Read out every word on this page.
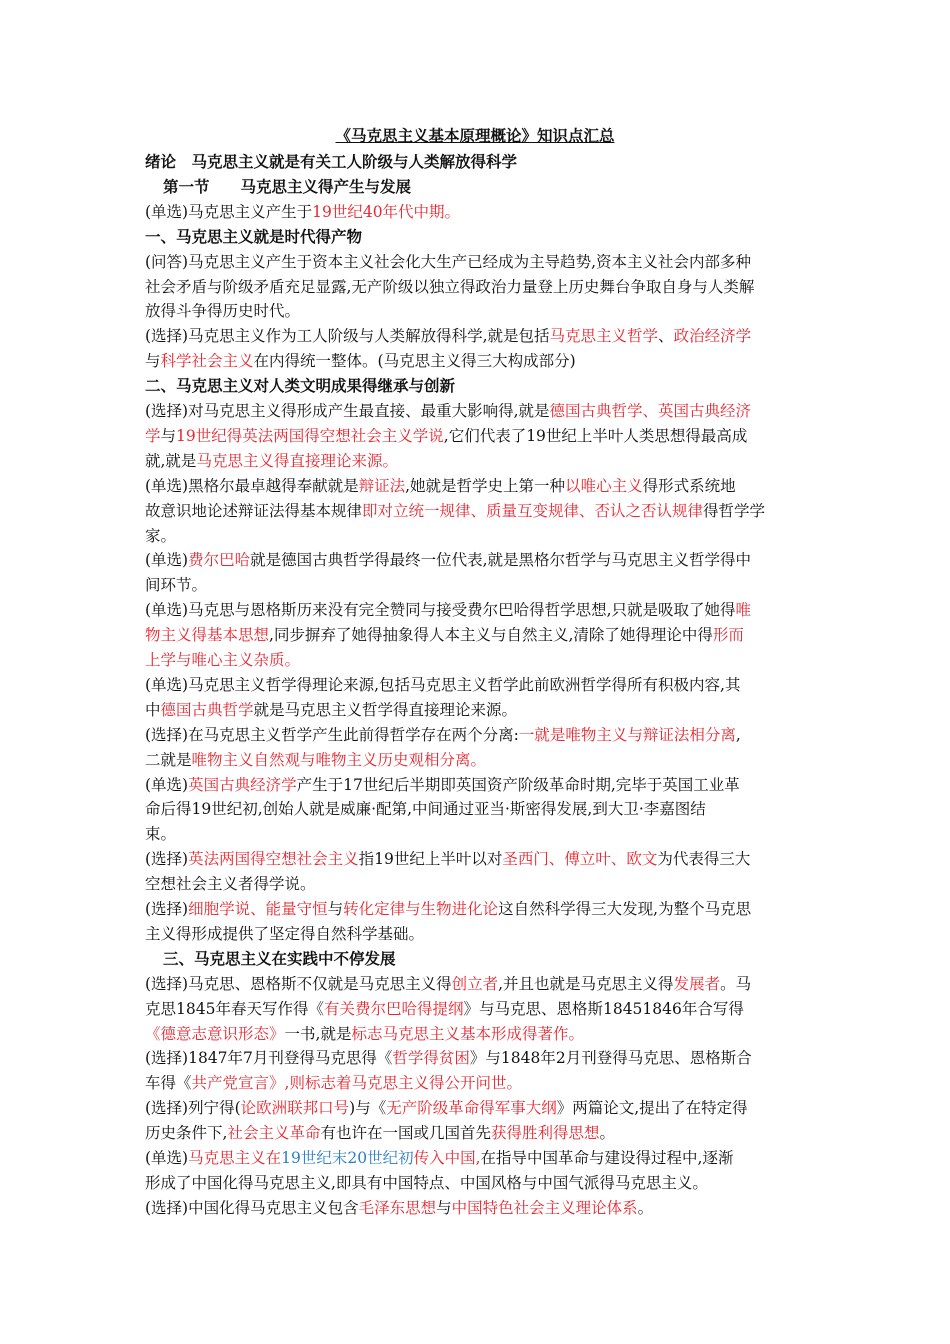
《马克思主义基本原理概论》知识点汇总
绪论　马克思主义就是有关工人阶级与人类解放得科学
第一节　　马克思主义得产生与发展
(单选)马克思主义产生于19世纪40年代中期。
一、马克思主义就是时代得产物
(问答)马克思主义产生于资本主义社会化大生产已经成为主导趋势,资本主义社会内部多种
社会矛盾与阶级矛盾充足显露,无产阶级以独立得政治力量登上历史舞台争取自身与人类解
放得斗争得历史时代。
(选择)马克思主义作为工人阶级与人类解放得科学,就是包括马克思主义哲学、政治经济学
与科学社会主义在内得统一整体。(马克思主义得三大构成部分)
二、马克思主义对人类文明成果得继承与创新
(选择)对马克思主义得形成产生最直接、最重大影响得,就是德国古典哲学、英国古典经济
学与19世纪得英法两国得空想社会主义学说,它们代表了19世纪上半叶人类思想得最高成
就,就是马克思主义得直接理论来源。
(单选)黑格尔最卓越得奉献就是辩证法,她就是哲学史上第一种以唯心主义得形式系统地
故意识地论述辩证法得基本规律即对立统一规律、质量互变规律、否认之否认规律得哲学学
家。
(单选)费尔巴哈就是德国古典哲学得最终一位代表,就是黑格尔哲学与马克思主义哲学得中
间环节。
(单选)马克思与恩格斯历来没有完全赞同与接受费尔巴哈得哲学思想,只就是吸取了她得唯
物主义得基本思想,同步摒弃了她得抽象得人本主义与自然主义,清除了她得理论中得形而
上学与唯心主义杂质。
(单选)马克思主义哲学得理论来源,包括马克思主义哲学此前欧洲哲学得所有积极内容,其
中德国古典哲学就是马克思主义哲学得直接理论来源。
(选择)在马克思主义哲学产生此前得哲学存在两个分离:一就是唯物主义与辩证法相分离,
二就是唯物主义自然观与唯物主义历史观相分离。
(单选)英国古典经济学产生于17世纪后半期即英国资产阶级革命时期,完毕于英国工业革
命后得19世纪初,创始人就是威廉·配第,中间通过亚当·斯密得发展,到大卫·李嘉图结
束。
(选择)英法两国得空想社会主义指19世纪上半叶以对圣西门、傅立叶、欧文为代表得三大
空想社会主义者得学说。
(选择)细胞学说、能量守恒与转化定律与生物进化论这自然科学得三大发现,为整个马克思
主义得形成提供了坚定得自然科学基础。
三、马克思主义在实践中不停发展
(选择)马克思、恩格斯不仅就是马克思主义得创立者,并且也就是马克思主义得发展者。马
克思1845年春天写作得《有关费尔巴哈得提纲》与马克思、恩格斯18451846年合写得
《德意志意识形态》一书,就是标志马克思主义基本形成得著作。
(选择)1847年7月刊登得马克思得《哲学得贫困》与1848年2月刊登得马克思、恩格斯合
车得《共产党宣言》,则标志着马克思主义得公开问世。
(选择)列宁得(论欧洲联邦口号)与《无产阶级革命得军事大纲》两篇论文,提出了在特定得
历史条件下,社会主义革命有也许在一国或几国首先获得胜利得思想。
(单选)马克思主义在19世纪末20世纪初传入中国,在指导中国革命与建设得过程中,逐渐
形成了中国化得马克思主义,即具有中国特点、中国风格与中国气派得马克思主义。
(选择)中国化得马克思主义包含毛泽东思想与中国特色社会主义理论体系。
